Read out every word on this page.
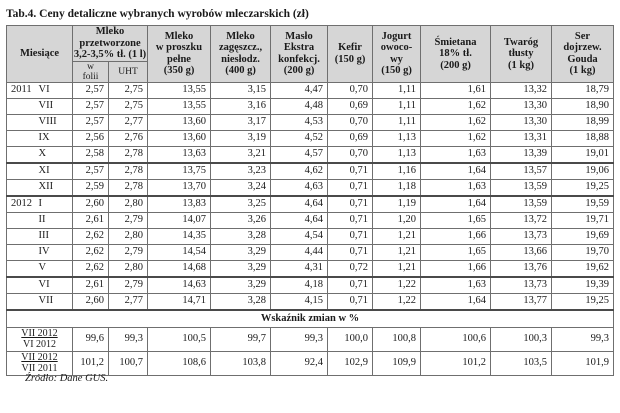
Tab.4. Ceny detaliczne wybranych wyrobów mleczarskich (zł)
Miesiące		Mleko
przetworzone
3,2-3,5% tł. (1 l)		Mleko
w proszku
pełne
(350 g)	Mleko
zagęszcz.,
niesłodz.
(400 g)	Masło
Ekstra
konfekcj.
(200 g)	Kefir
(150 g)	Jogurt
owoco-
wy
(150 g)	Śmietana
18% tł.
(200 g)	Twaróg
tłusty
(1 kg)	Ser
dojrzew.
Gouda
(1 kg)
		w
folii	UHT								
2011	VI	2,57	2,75	13,55	3,15	4,47	0,70	1,11	1,61	13,32	18,79
	VII	2,57	2,75	13,55	3,16	4,48	0,69	1,11	1,62	13,30	18,90
	VIII	2,57	2,77	13,60	3,17	4,53	0,70	1,11	1,62	13,30	18,99
	IX	2,56	2,76	13,60	3,19	4,52	0,69	1,13	1,62	13,31	18,88
	X	2,58	2,78	13,63	3,21	4,57	0,70	1,13	1,63	13,39	19,01
	XI	2,57	2,78	13,75	3,23	4,62	0,71	1,16	1,64	13,57	19,06
	XII	2,59	2,78	13,70	3,24	4,63	0,71	1,18	1,63	13,59	19,25
2012	I	2,60	2,80	13,83	3,25	4,64	0,71	1,19	1,64	13,59	19,59
	II	2,61	2,79	14,07	3,26	4,64	0,71	1,20	1,65	13,72	19,71
	III	2,62	2,80	14,35	3,28	4,54	0,71	1,21	1,66	13,73	19,69
	IV	2,62	2,79	14,54	3,29	4,44	0,71	1,21	1,65	13,66	19,70
	V	2,62	2,80	14,68	3,29	4,31	0,72	1,21	1,66	13,76	19,62
	VI	2,61	2,79	14,63	3,29	4,18	0,71	1,22	1,63	13,73	19,39
	VII	2,60	2,77	14,71	3,28	4,15	0,71	1,22	1,64	13,77	19,25
Wskaźnik zmian w %											
VII 2012
VI 2012		99,6	99,3	100,5	99,7	99,3	100,0	100,8	100,6	100,3	99,3
VII 2012
VII 2011		101,2	100,7	108,6	103,8	92,4	102,9	109,9	101,2	103,5	101,9
Źródło: Dane GUS.
